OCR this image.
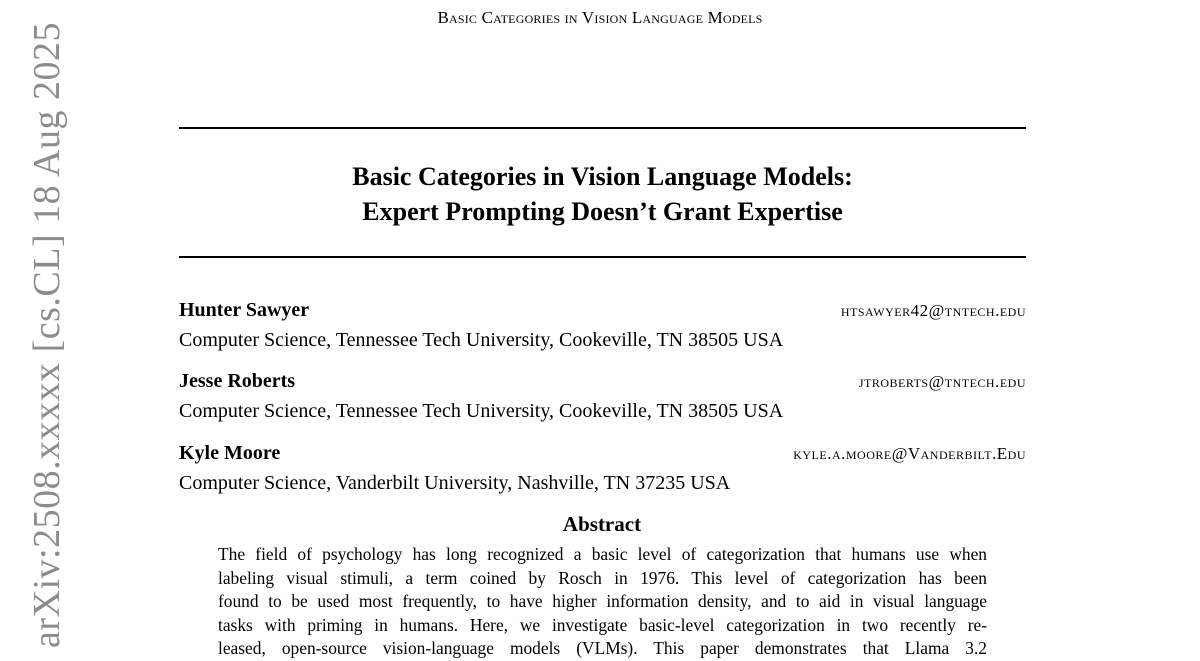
Basic Categories in Vision Language Models
Basic Categories in Vision Language Models:
Expert Prompting Doesn’t Grant Expertise
Hunter Sawyer	htsawyer42@tntech.edu
Computer Science, Tennessee Tech University, Cookeville, TN 38505 USA
Jesse Roberts	jtroberts@tntech.edu
Computer Science, Tennessee Tech University, Cookeville, TN 38505 USA
Kyle Moore	kyle.a.moore@Vanderbilt.Edu
Computer Science, Vanderbilt University, Nashville, TN 37235 USA
Abstract
The field of psychology has long recognized a basic level of categorization that humans use when
labeling visual stimuli, a term coined by Rosch in 1976. This level of categorization has been
found to be used most frequently, to have higher information density, and to aid in visual language
tasks with priming in humans. Here, we investigate basic-level categorization in two recently re-
leased, open-source vision-language models (VLMs). This paper demonstrates that Llama 3.2
arXiv:2508.xxxxx [cs.CL] 18 Aug 2025
